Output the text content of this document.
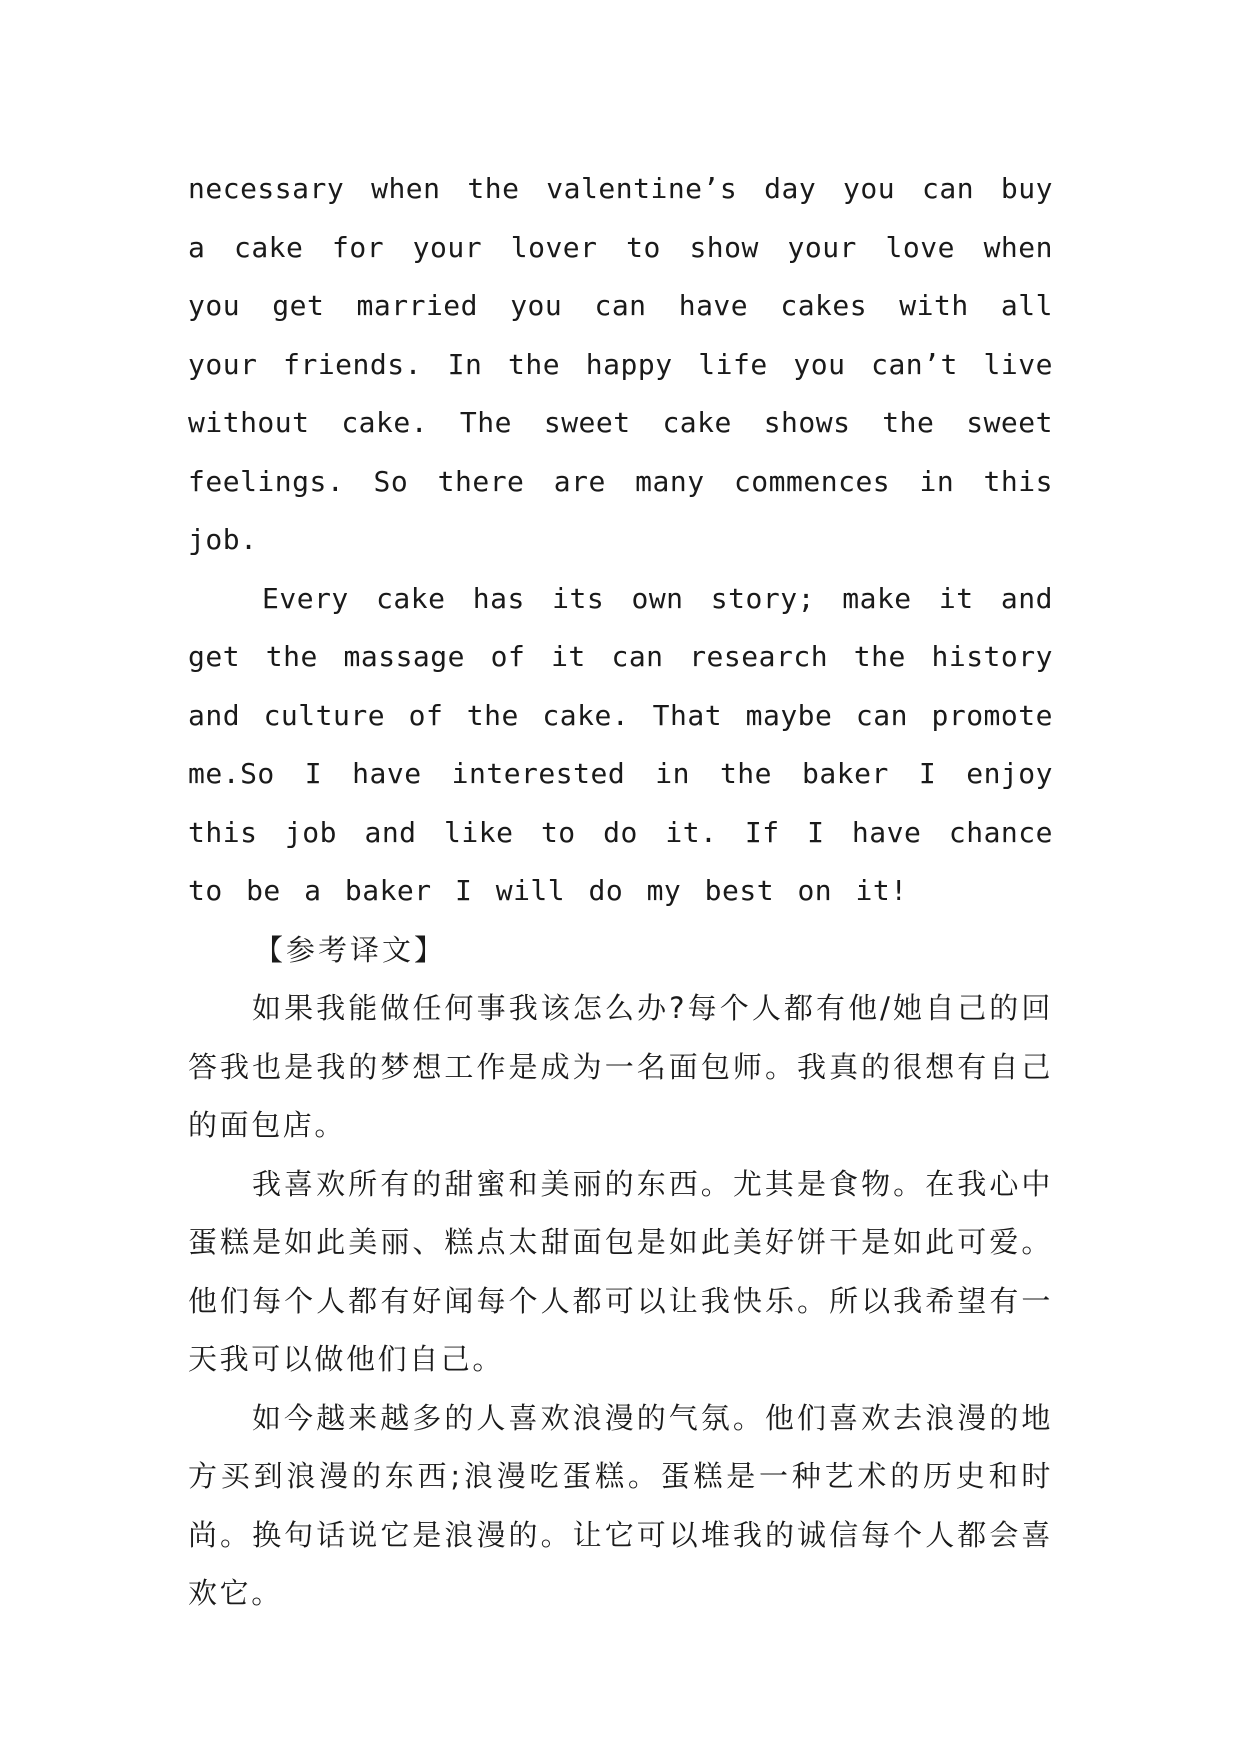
necessary when the valentine’s day you can buy a cake for your lover to show your love when you get married you can have cakes with all your friends. In the happy life you can’t live without cake. The sweet cake shows the sweet feelings. So there are many commences in this job.

Every cake has its own story; make it and get the massage of it can research the history and culture of the cake. That maybe can promote me.So I have interested in the baker I enjoy this job and like to do it. If I have chance to be a baker I will do my best on it!

【参考译文】

如果我能做任何事我该怎么办?每个人都有他/她自己的回答我也是我的梦想工作是成为一名面包师。我真的很想有自己的面包店。

我喜欢所有的甜蜜和美丽的东西。尤其是食物。在我心中蛋糕是如此美丽、糕点太甜面包是如此美好饼干是如此可爱。他们每个人都有好闻每个人都可以让我快乐。所以我希望有一天我可以做他们自己。

如今越来越多的人喜欢浪漫的气氛。他们喜欢去浪漫的地方买到浪漫的东西;浪漫吃蛋糕。蛋糕是一种艺术的历史和时尚。换句话说它是浪漫的。让它可以堆我的诚信每个人都会喜欢它。
